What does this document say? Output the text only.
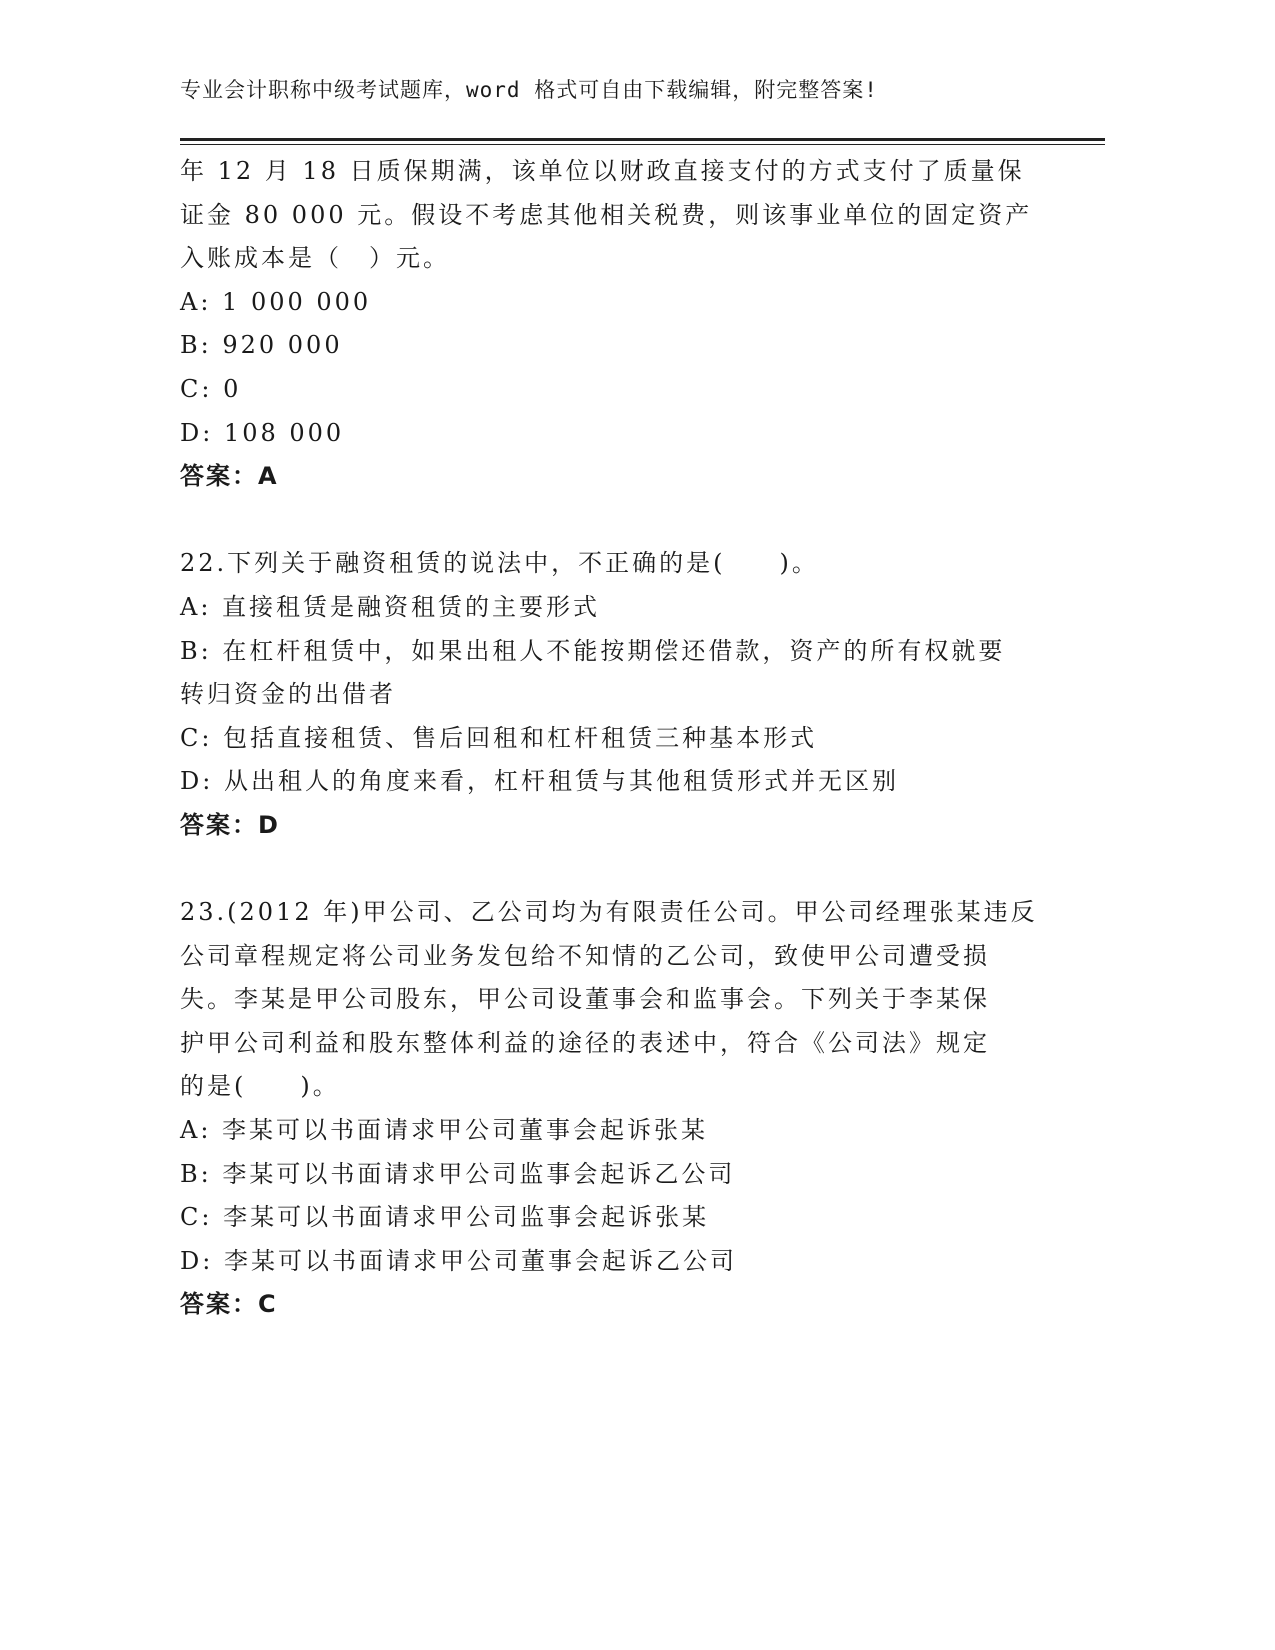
专业会计职称中级考试题库，word 格式可自由下载编辑，附完整答案!
年 12 月 18 日质保期满，该单位以财政直接支付的方式支付了质量保
证金 80 000 元。假设不考虑其他相关税费，则该事业单位的固定资产
入账成本是（　）元。
A: 1 000 000
B: 920 000
C: 0
D: 108 000
答案：A
22.下列关于融资租赁的说法中，不正确的是(　　)。
A: 直接租赁是融资租赁的主要形式
B: 在杠杆租赁中，如果出租人不能按期偿还借款，资产的所有权就要
转归资金的出借者
C: 包括直接租赁、售后回租和杠杆租赁三种基本形式
D: 从出租人的角度来看，杠杆租赁与其他租赁形式并无区别
答案：D
23.(2012 年)甲公司、乙公司均为有限责任公司。甲公司经理张某违反
公司章程规定将公司业务发包给不知情的乙公司，致使甲公司遭受损
失。李某是甲公司股东，甲公司设董事会和监事会。下列关于李某保
护甲公司利益和股东整体利益的途径的表述中，符合《公司法》规定
的是(　　)。
A: 李某可以书面请求甲公司董事会起诉张某
B: 李某可以书面请求甲公司监事会起诉乙公司
C: 李某可以书面请求甲公司监事会起诉张某
D: 李某可以书面请求甲公司董事会起诉乙公司
答案：C
